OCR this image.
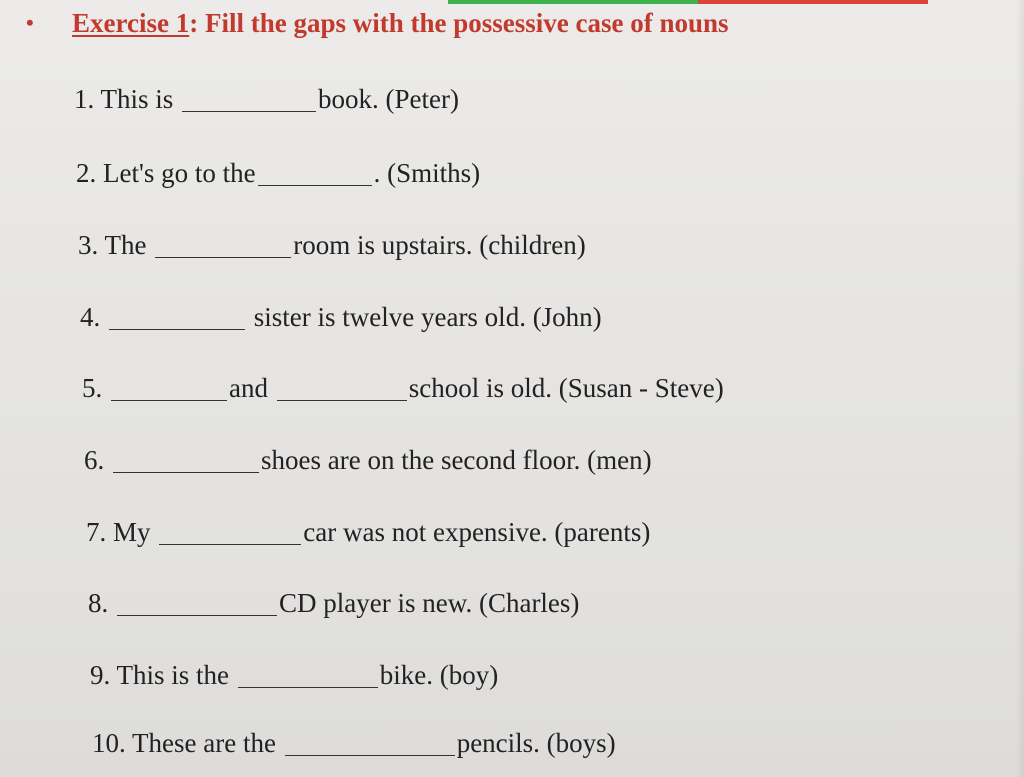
• Exercise 1: Fill the gaps with the possessive case of nouns
1. This is	book. (Peter)
2. Let's go to the	. (Smiths)
3. The	room is upstairs. (children)
4.	sister is twelve years old. (John)
5.	and	school is old. (Susan - Steve)
6.	shoes are on the second floor. (men)
7. My	car was not expensive. (parents)
8.	CD player is new. (Charles)
9. This is the	bike. (boy)
10. These are the	pencils. (boys)
